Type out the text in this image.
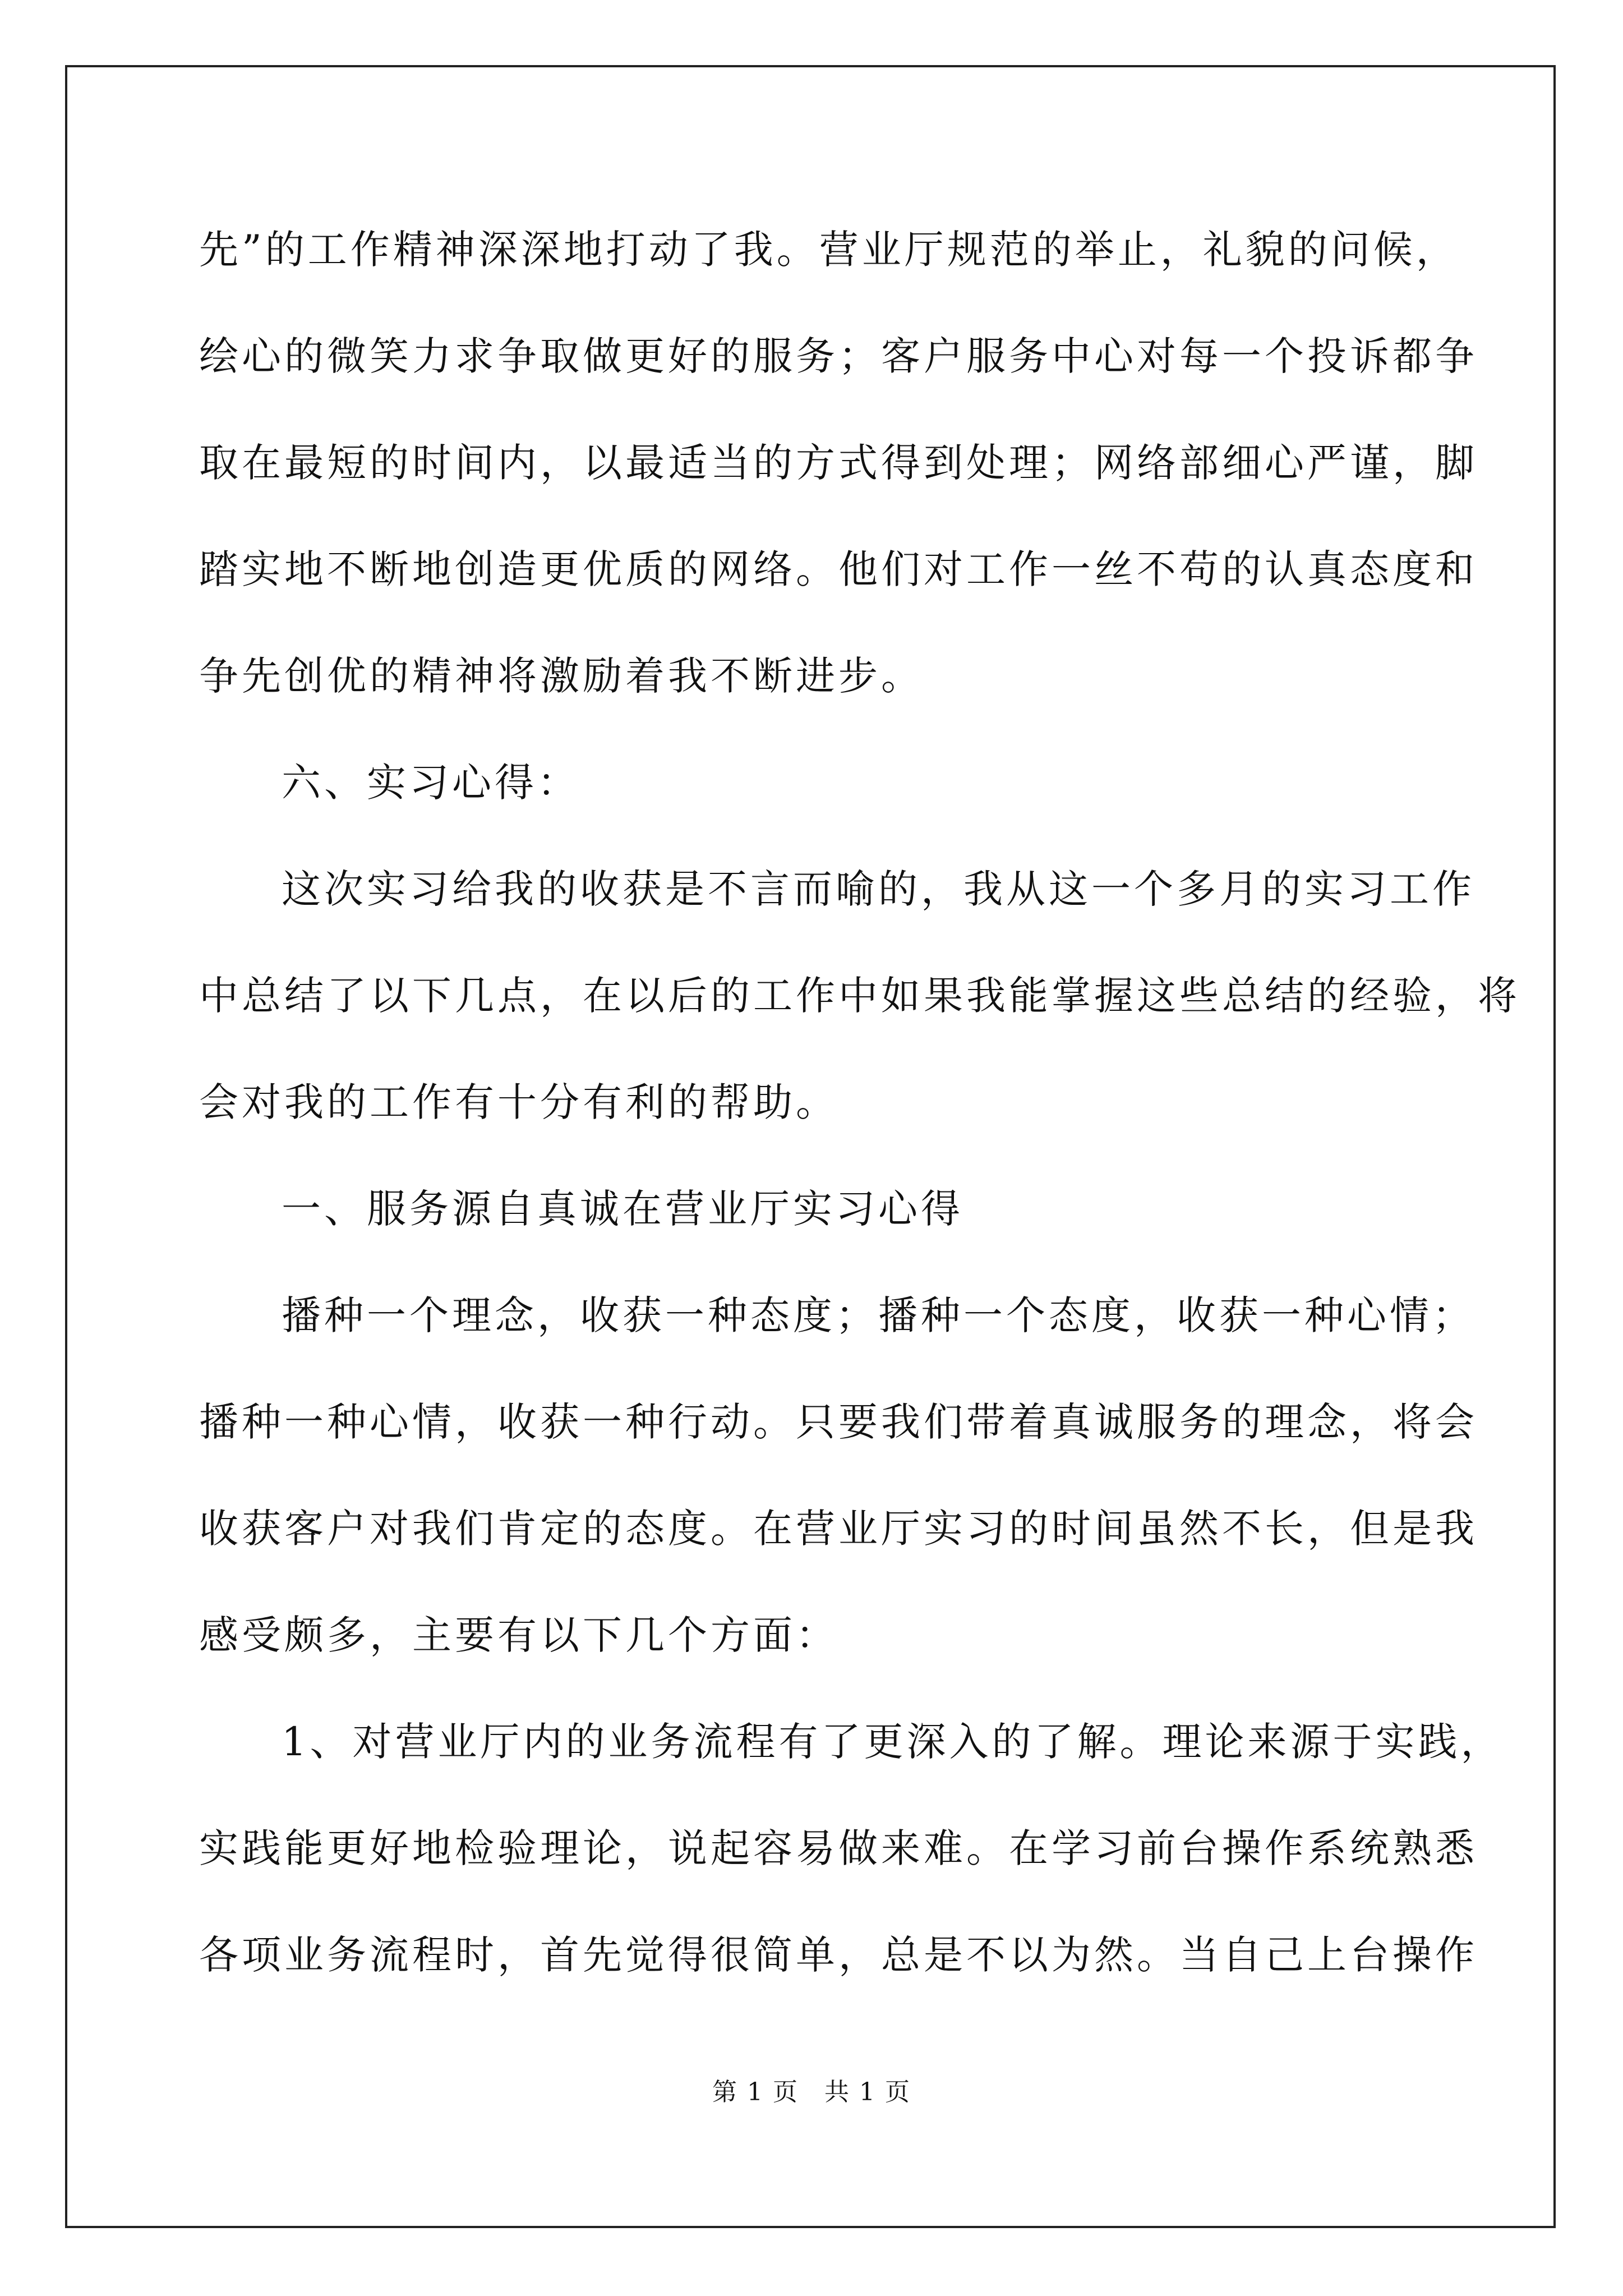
先”的工作精神深深地打动了我。营业厅规范的举止，礼貌的问候，
绘心的微笑力求争取做更好的服务；客户服务中心对每一个投诉都争
取在最短的时间内，以最适当的方式得到处理；网络部细心严谨，脚
踏实地不断地创造更优质的网络。他们对工作一丝不苟的认真态度和
争先创优的精神将激励着我不断进步。
六、实习心得：
这次实习给我的收获是不言而喻的，我从这一个多月的实习工作
中总结了以下几点，在以后的工作中如果我能掌握这些总结的经验，将
会对我的工作有十分有利的帮助。
一、服务源自真诚在营业厅实习心得
播种一个理念，收获一种态度；播种一个态度，收获一种心情；
播种一种心情，收获一种行动。只要我们带着真诚服务的理念，将会
收获客户对我们肯定的态度。在营业厅实习的时间虽然不长，但是我
感受颇多，主要有以下几个方面：
1、对营业厅内的业务流程有了更深入的了解。理论来源于实践，
实践能更好地检验理论，说起容易做来难。在学习前台操作系统熟悉
各项业务流程时，首先觉得很简单，总是不以为然。当自己上台操作
第 1 页 共 1 页
